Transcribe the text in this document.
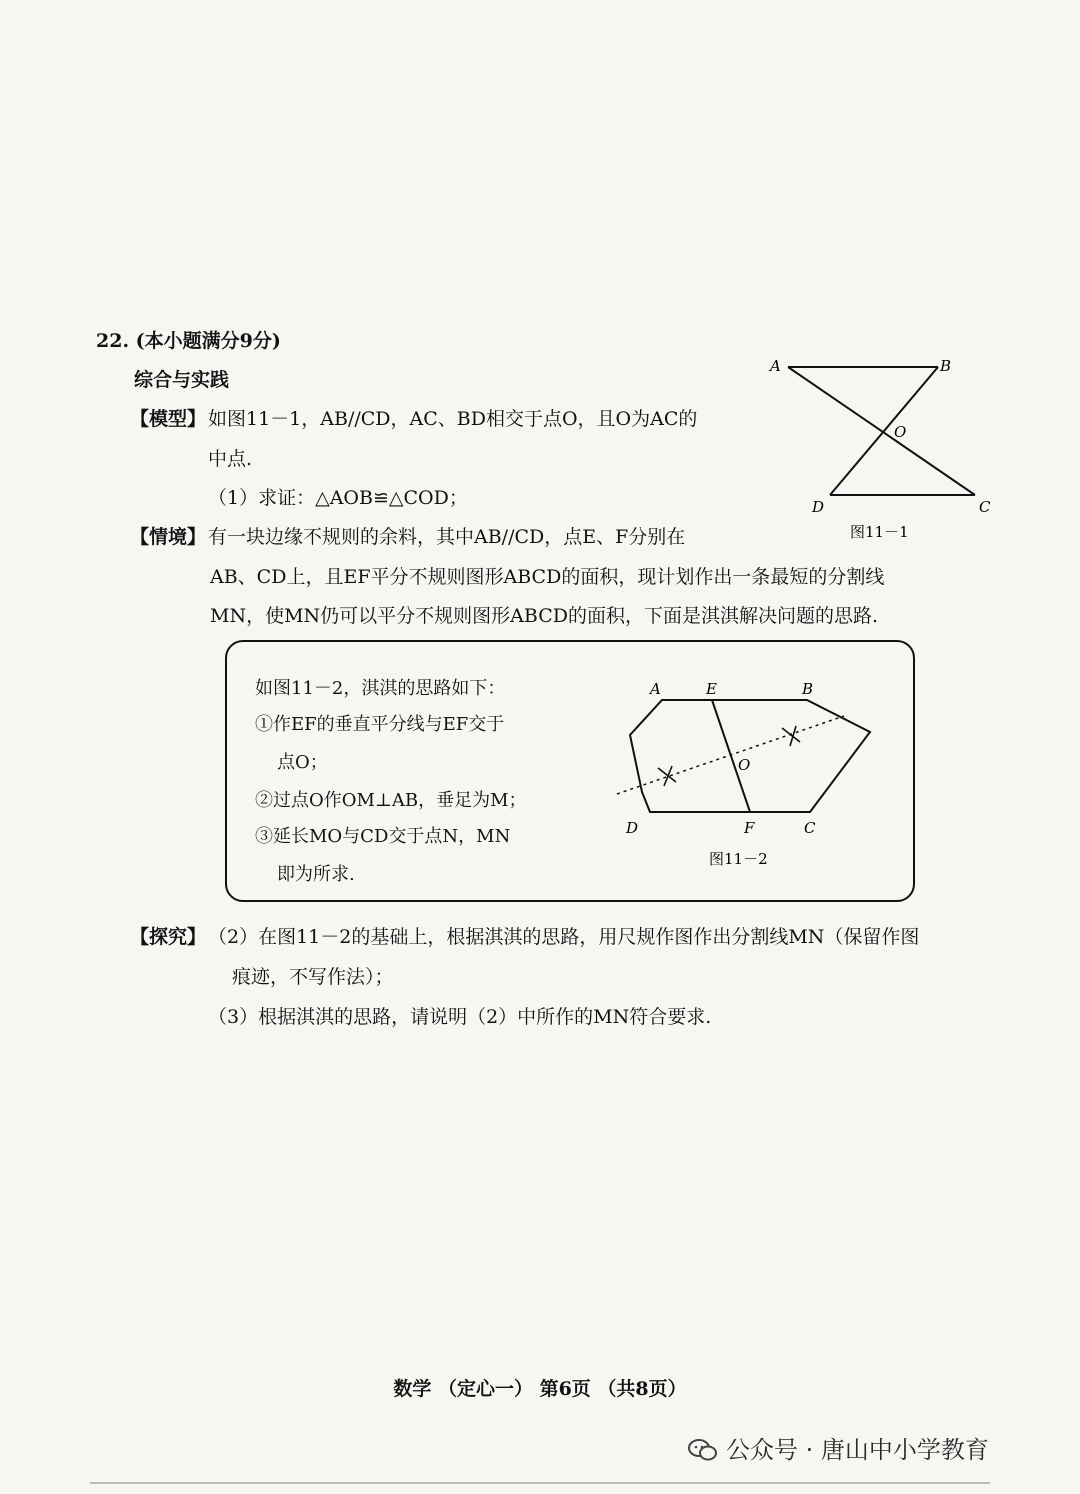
22. (本小题满分9分)
综合与实践
【模型】 如图11－1，AB//CD，AC、BD相交于点O，且O为AC的
中点.
（1）求证：△AOB≌△COD；
A	B
O
D	C
图11－1
【情境】 有一块边缘不规则的余料，其中AB//CD，点E、F分别在
AB、CD上，且EF平分不规则图形ABCD的面积，现计划作出一条最短的分割线
MN，使MN仍可以平分不规则图形ABCD的面积，下面是淇淇解决问题的思路.
如图11－2，淇淇的思路如下：
①作EF的垂直平分线与EF交于
点O；
②过点O作OM⊥AB，垂足为M；
③延长MO与CD交于点N，MN
即为所求.
A	E	B
O
D	F	C
图11－2
【探究】 （2）在图11－2的基础上，根据淇淇的思路，用尺规作图作出分割线MN（保留作图
痕迹，不写作法）；
（3）根据淇淇的思路，请说明（2）中所作的MN符合要求.
数学 （定心一） 第6页 （共8页）
公众号 · 唐山中小学教育
